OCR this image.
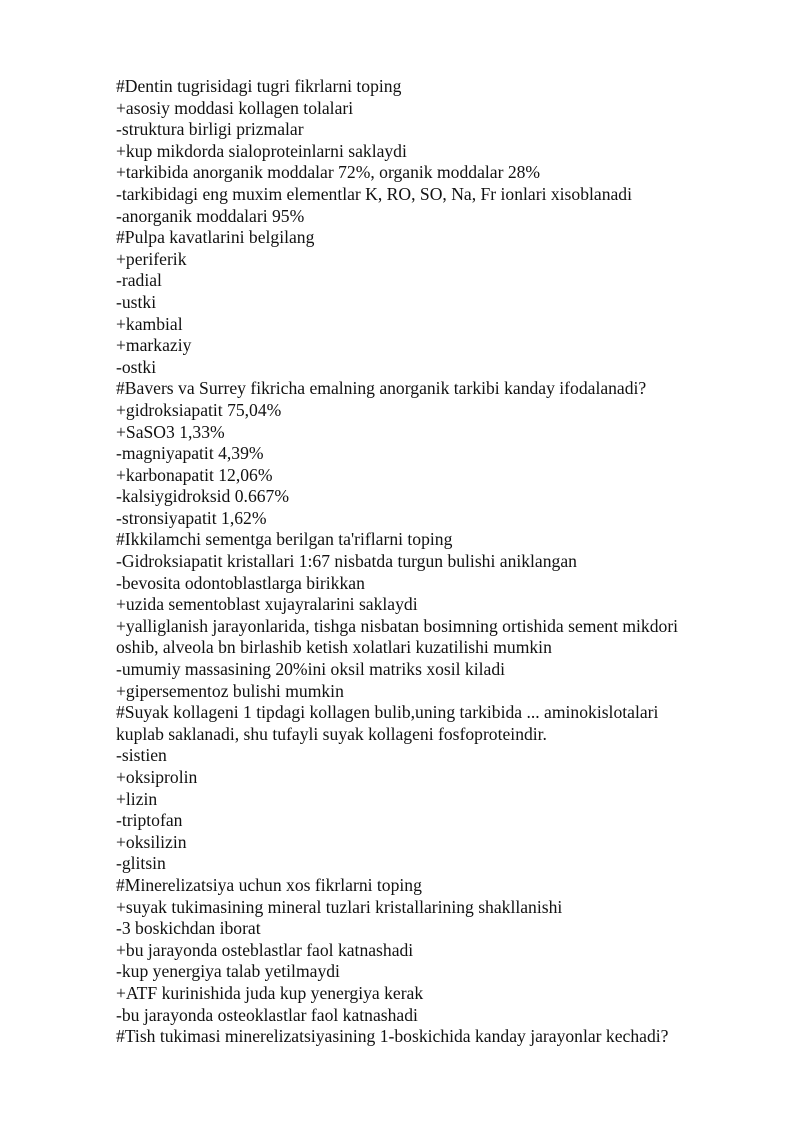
#Dentin tugrisidagi tugri fikrlarni toping
+asosiy moddasi kollagen tolalari
-struktura birligi prizmalar
+kup mikdorda sialoproteinlarni saklaydi
+tarkibida anorganik moddalar 72%, organik moddalar 28%
-tarkibidagi eng muxim elementlar K, RO, SO, Na, Fr ionlari xisoblanadi
-anorganik moddalari 95%
#Pulpa kavatlarini belgilang
+periferik
-radial
-ustki
+kambial
+markaziy
-ostki
#Bavers va Surrey fikricha emalning anorganik tarkibi kanday ifodalanadi?
+gidroksiapatit 75,04%
+SaSO3 1,33%
-magniyapatit 4,39%
+karbonapatit 12,06%
-kalsiygidroksid 0.667%
-stronsiyapatit 1,62%
#Ikkilamchi sementga berilgan ta'riflarni toping
-Gidroksiapatit kristallari 1:67 nisbatda turgun bulishi aniklangan
-bevosita odontoblastlarga birikkan
+uzida sementoblast xujayralarini saklaydi
+yalliglanish jarayonlarida, tishga nisbatan bosimning ortishida sement mikdori
oshib, alveola bn birlashib ketish xolatlari kuzatilishi mumkin
-umumiy massasining 20%ini oksil matriks xosil kiladi
+gipersementoz bulishi mumkin
#Suyak kollageni 1 tipdagi kollagen bulib,uning tarkibida ... aminokislotalari
kuplab saklanadi, shu tufayli suyak kollageni fosfoproteindir.
-sistien
+oksiprolin
+lizin
-triptofan
+oksilizin
-glitsin
#Minerelizatsiya uchun xos fikrlarni toping
+suyak tukimasining mineral tuzlari kristallarining shakllanishi
-3 boskichdan iborat
+bu jarayonda osteblastlar faol katnashadi
-kup yenergiya talab yetilmaydi
+ATF kurinishida juda kup yenergiya kerak
-bu jarayonda osteoklastlar faol katnashadi
#Tish tukimasi minerelizatsiyasining 1-boskichida kanday jarayonlar kechadi?
